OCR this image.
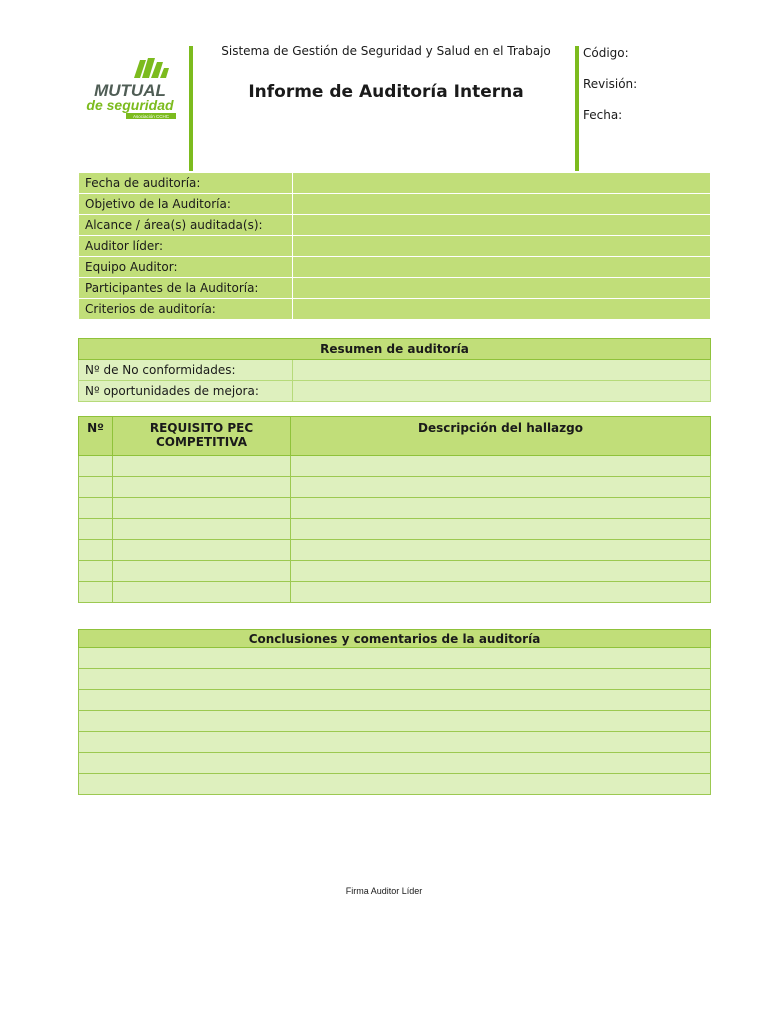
MUTUAL
de seguridad
Asociación CCHC
Sistema de Gestión de Seguridad y Salud en el Trabajo
Informe de Auditoría Interna
Código:
Revisión:
Fecha:
Fecha de auditoría:	
Objetivo de la Auditoría:	
Alcance / área(s) auditada(s):	
Auditor líder:	
Equipo Auditor:	
Participantes de la Auditoría:	
Criterios de auditoría:	
Resumen de auditoría	
Nº de No conformidades:	
Nº oportunidades de mejora:	
Nº	REQUISITO PEC COMPETITIVA	Descripción del hallazgo

Conclusiones y comentarios de la auditoría

Firma Auditor Líder
